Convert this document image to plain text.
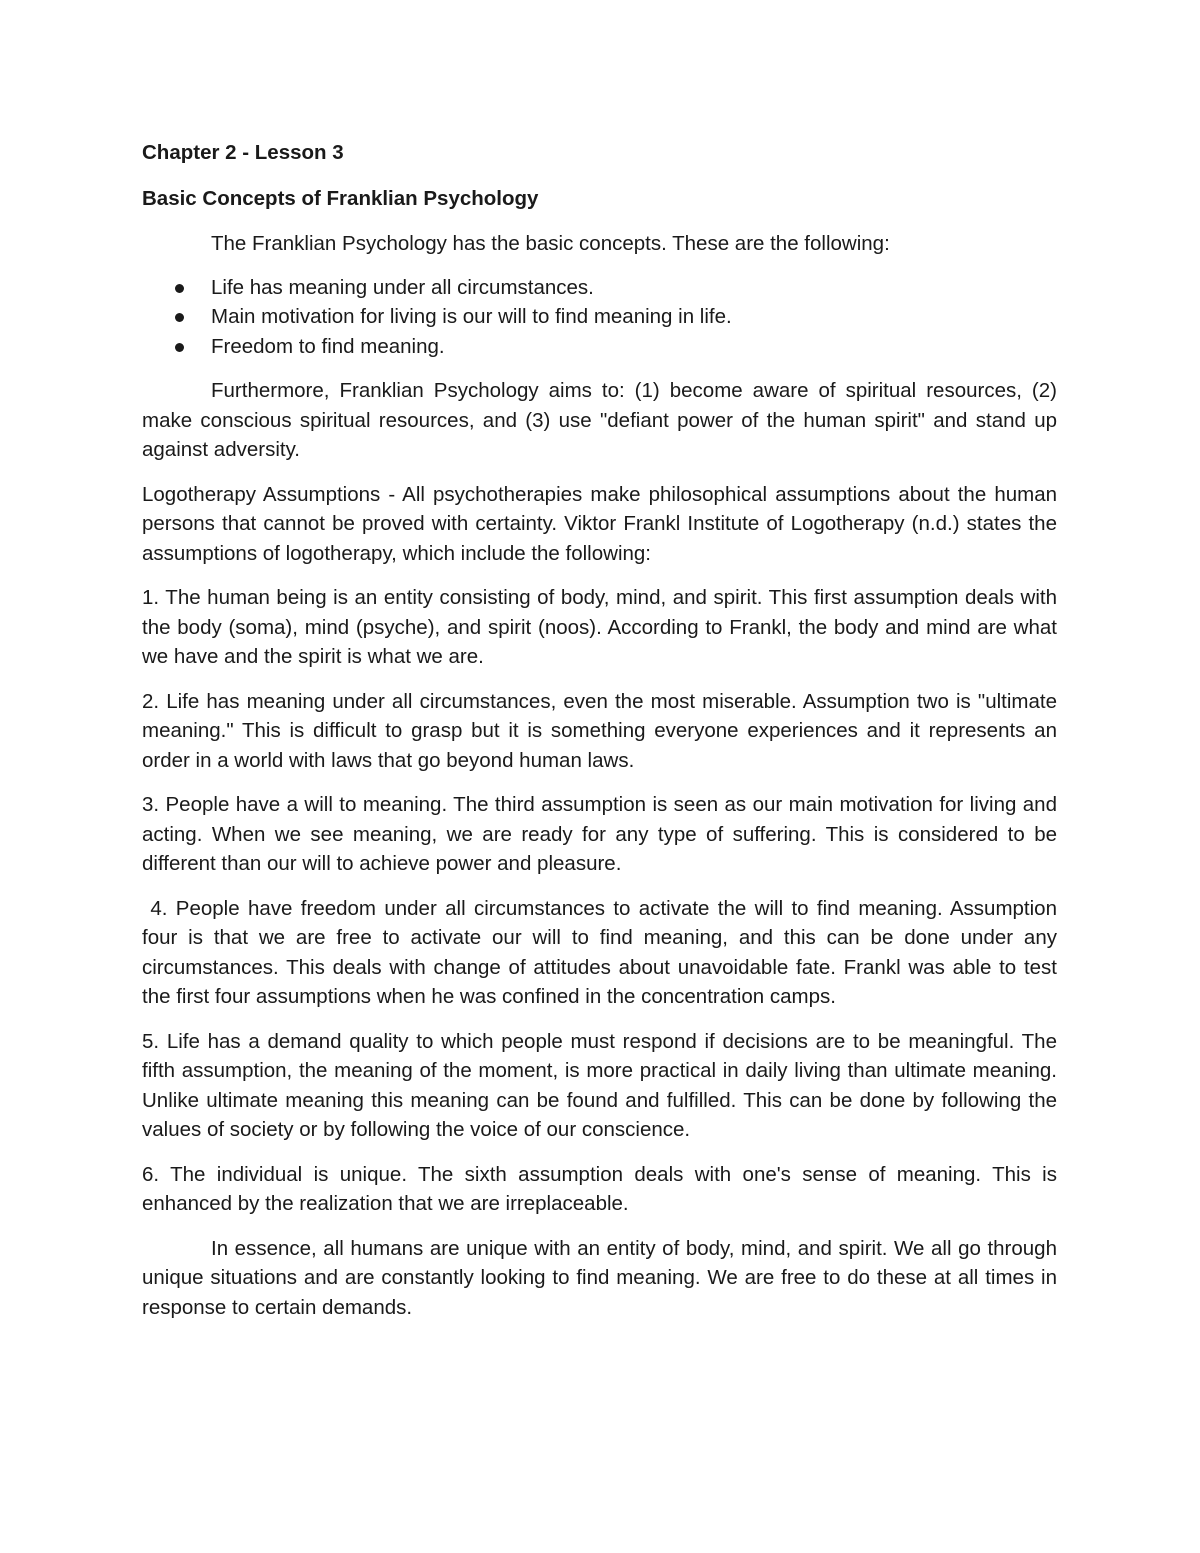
Chapter 2 - Lesson 3

Basic Concepts of Franklian Psychology

The Franklian Psychology has the basic concepts. These are the following:

Life has meaning under all circumstances.
Main motivation for living is our will to find meaning in life.
Freedom to find meaning.

Furthermore, Franklian Psychology aims to: (1) become aware of spiritual resources, (2) make conscious spiritual resources, and (3) use "defiant power of the human spirit" and stand up against adversity.

Logotherapy Assumptions - All psychotherapies make philosophical assumptions about the human persons that cannot be proved with certainty. Viktor Frankl Institute of Logotherapy (n.d.) states the assumptions of logotherapy, which include the following:

1. The human being is an entity consisting of body, mind, and spirit. This first assumption deals with the body (soma), mind (psyche), and spirit (noos). According to Frankl, the body and mind are what we have and the spirit is what we are.

2. Life has meaning under all circumstances, even the most miserable. Assumption two is "ultimate meaning." This is difficult to grasp but it is something everyone experiences and it represents an order in a world with laws that go beyond human laws.

3. People have a will to meaning. The third assumption is seen as our main motivation for living and acting. When we see meaning, we are ready for any type of suffering. This is considered to be different than our will to achieve power and pleasure.

4. People have freedom under all circumstances to activate the will to find meaning. Assumption four is that we are free to activate our will to find meaning, and this can be done under any circumstances. This deals with change of attitudes about unavoidable fate. Frankl was able to test the first four assumptions when he was confined in the concentration camps.

5. Life has a demand quality to which people must respond if decisions are to be meaningful. The fifth assumption, the meaning of the moment, is more practical in daily living than ultimate meaning. Unlike ultimate meaning this meaning can be found and fulfilled. This can be done by following the values of society or by following the voice of our conscience.

6. The individual is unique. The sixth assumption deals with one's sense of meaning. This is enhanced by the realization that we are irreplaceable.

In essence, all humans are unique with an entity of body, mind, and spirit. We all go through unique situations and are constantly looking to find meaning. We are free to do these at all times in response to certain demands.
